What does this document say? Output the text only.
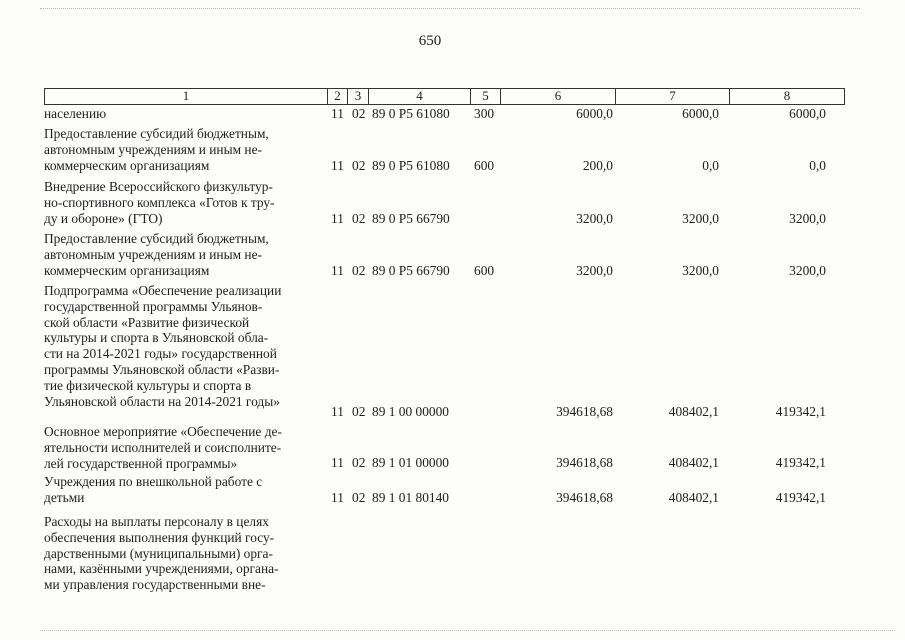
650
1	2	3	4	5	6	7	8
населению	11 02 89 0 P5 61080 300	6000,0	6000,0	6000,0
Предоставление субсидий бюджетным,
автономным учреждениям и иным не-
коммерческим организациям	11 02 89 0 P5 61080 600	200,0	0,0	0,0
Внедрение Всероссийского физкультур-
но-спортивного комплекса «Готов к тру-
ду и обороне» (ГТО)	11 02 89 0 P5 66790	3200,0	3200,0	3200,0
Предоставление субсидий бюджетным,
автономным учреждениям и иным не-
коммерческим организациям	11 02 89 0 P5 66790 600	3200,0	3200,0	3200,0
Подпрограмма «Обеспечение реализации
государственной программы Ульянов-
ской области «Развитие физической
культуры и спорта в Ульяновской обла-
сти на 2014-2021 годы» государственной
программы Ульяновской области «Разви-
тие физической культуры и спорта в
Ульяновской области на 2014-2021 годы»
11 02 89 1 00 00000	394618,68	408402,1	419342,1
Основное мероприятие «Обеспечение де-
ятельности исполнителей и соисполните-
лей государственной программы»	11 02 89 1 01 00000	394618,68	408402,1	419342,1
Учреждения по внешкольной работе с
детьми	11 02 89 1 01 80140	394618,68	408402,1	419342,1
Расходы на выплаты персоналу в целях
обеспечения выполнения функций госу-
дарственными (муниципальными) орга-
нами, казёнными учреждениями, органа-
ми управления государственными вне-
